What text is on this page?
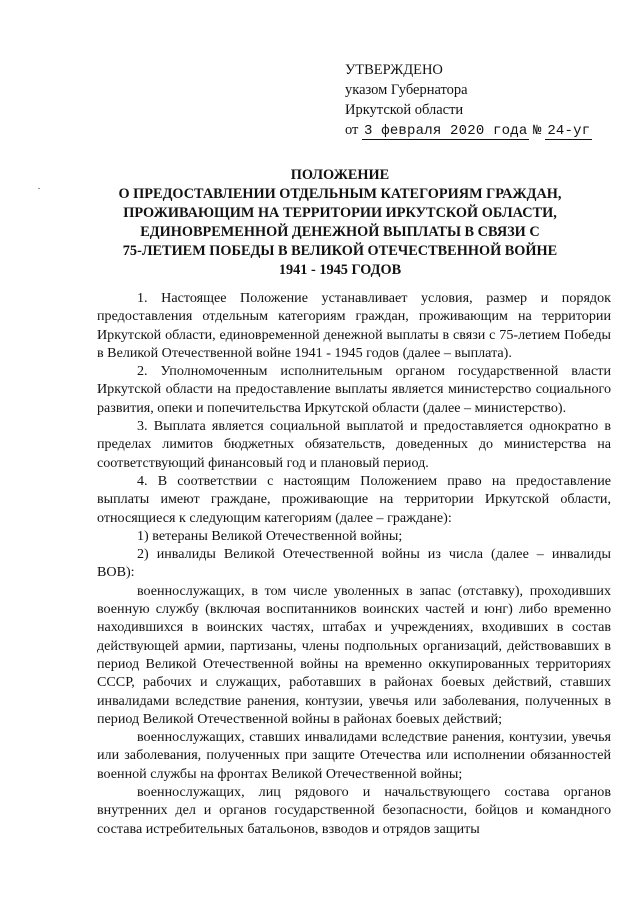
УТВЕРЖДЕНО
указом Губернатора
Иркутской области
от 3 февраля 2020 года № 24-уг
ПОЛОЖЕНИЕ
О ПРЕДОСТАВЛЕНИИ ОТДЕЛЬНЫМ КАТЕГОРИЯМ ГРАЖДАН,
ПРОЖИВАЮЩИМ НА ТЕРРИТОРИИ ИРКУТСКОЙ ОБЛАСТИ,
ЕДИНОВРЕМЕННОЙ ДЕНЕЖНОЙ ВЫПЛАТЫ В СВЯЗИ С
75-ЛЕТИЕМ ПОБЕДЫ В ВЕЛИКОЙ ОТЕЧЕСТВЕННОЙ ВОЙНЕ
1941 - 1945 ГОДОВ

1. Настоящее Положение устанавливает условия, размер и порядок предоставления отдельным категориям граждан, проживающим на территории Иркутской области, единовременной денежной выплаты в связи с 75-летием Победы в Великой Отечественной войне 1941 - 1945 годов (далее – выплата).

2. Уполномоченным исполнительным органом государственной власти Иркутской области на предоставление выплаты является министерство социального развития, опеки и попечительства Иркутской области (далее – министерство).

3. Выплата является социальной выплатой и предоставляется однократно в пределах лимитов бюджетных обязательств, доведенных до министерства на соответствующий финансовый год и плановый период.

4. В соответствии с настоящим Положением право на предоставление выплаты имеют граждане, проживающие на территории Иркутской области, относящиеся к следующим категориям (далее – граждане):

1) ветераны Великой Отечественной войны;

2) инвалиды Великой Отечественной войны из числа (далее – инвалиды ВОВ):

военнослужащих, в том числе уволенных в запас (отставку), проходивших военную службу (включая воспитанников воинских частей и юнг) либо временно находившихся в воинских частях, штабах и учреждениях, входивших в состав действующей армии, партизаны, члены подпольных организаций, действовавших в период Великой Отечественной войны на временно оккупированных территориях СССР, рабочих и служащих, работавших в районах боевых действий, ставших инвалидами вследствие ранения, контузии, увечья или заболевания, полученных в период Великой Отечественной войны в районах боевых действий;

военнослужащих, ставших инвалидами вследствие ранения, контузии, увечья или заболевания, полученных при защите Отечества или исполнении обязанностей военной службы на фронтах Великой Отечественной войны;

военнослужащих, лиц рядового и начальствующего состава органов внутренних дел и органов государственной безопасности, бойцов и командного состава истребительных батальонов, взводов и отрядов защиты
